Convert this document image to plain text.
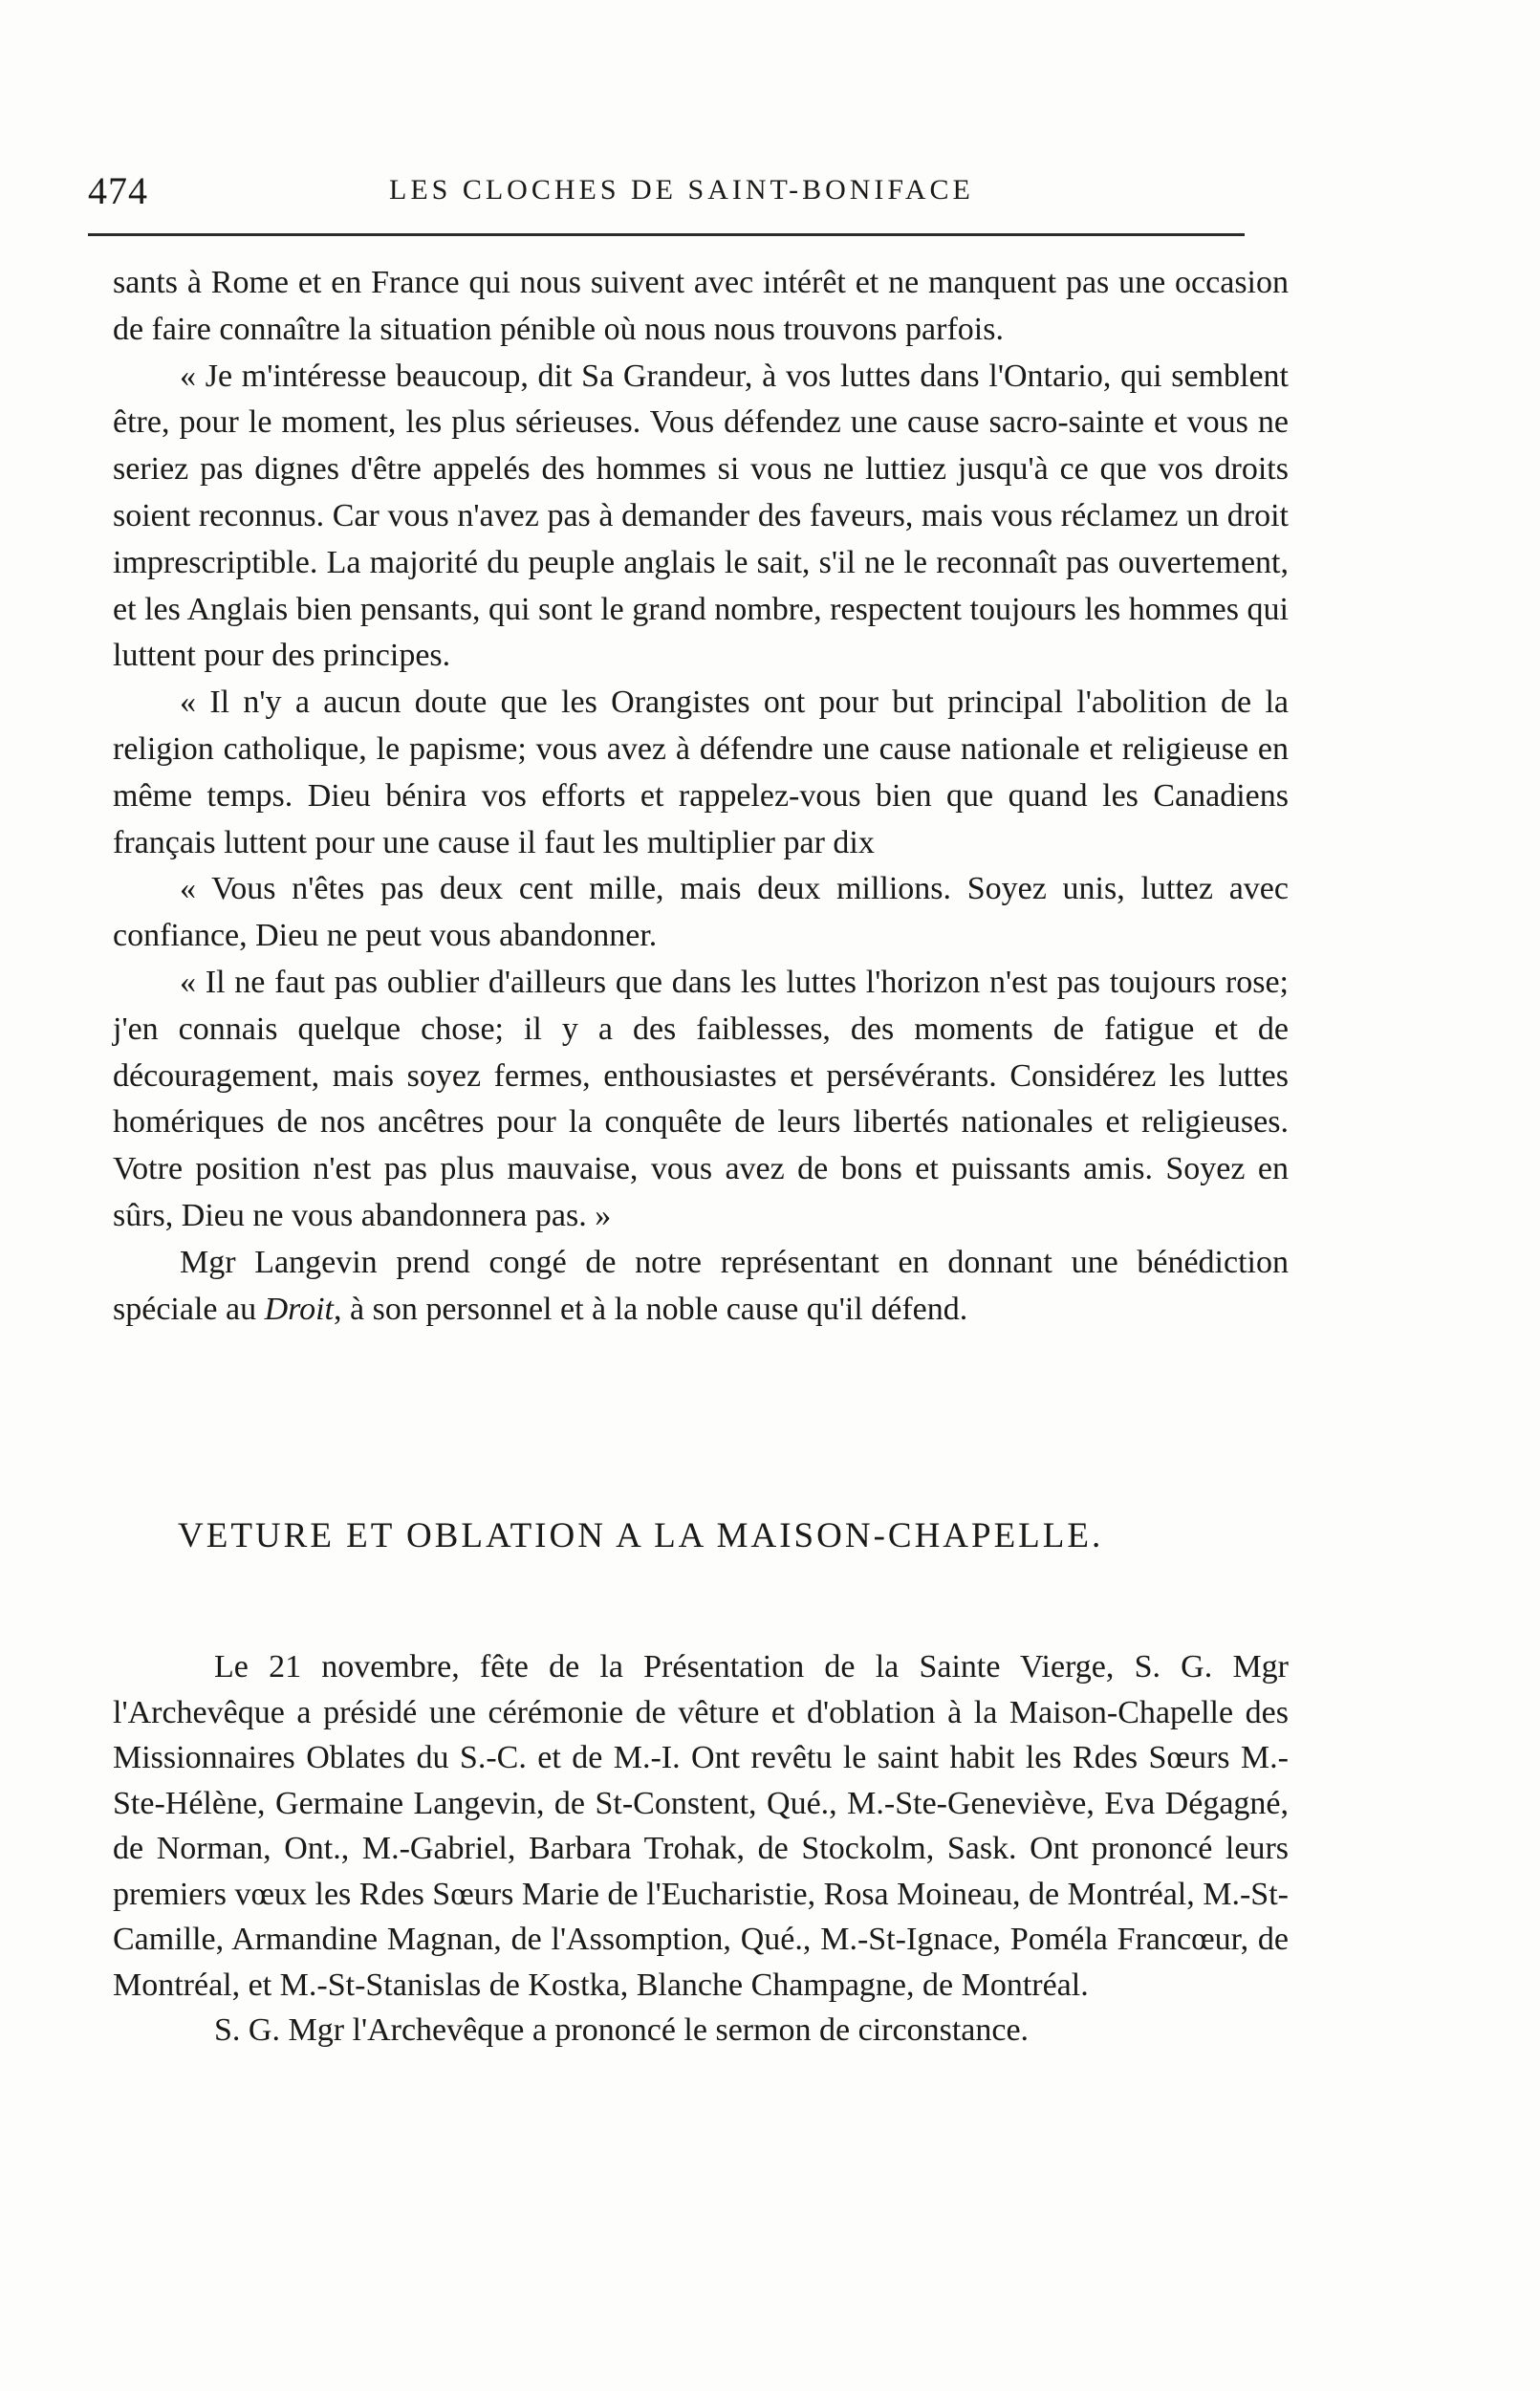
474	LES CLOCHES DE SAINT-BONIFACE

sants à Rome et en France qui nous suivent avec intérêt et ne manquent pas une occasion de faire connaître la situation pénible où nous nous trouvons parfois.

« Je m'intéresse beaucoup, dit Sa Grandeur, à vos luttes dans l'Ontario, qui semblent être, pour le moment, les plus sérieuses. Vous défendez une cause sacro-sainte et vous ne seriez pas dignes d'être appelés des hommes si vous ne luttiez jusqu'à ce que vos droits soient reconnus. Car vous n'avez pas à demander des faveurs, mais vous réclamez un droit imprescriptible. La majorité du peuple anglais le sait, s'il ne le reconnaît pas ouvertement, et les Anglais bien pensants, qui sont le grand nombre, respectent toujours les hommes qui luttent pour des principes.

« Il n'y a aucun doute que les Orangistes ont pour but principal l'abolition de la religion catholique, le papisme; vous avez à défendre une cause nationale et religieuse en même temps. Dieu bénira vos efforts et rappelez-vous bien que quand les Canadiens français luttent pour une cause il faut les multiplier par dix

« Vous n'êtes pas deux cent mille, mais deux millions. Soyez unis, luttez avec confiance, Dieu ne peut vous abandonner.

« Il ne faut pas oublier d'ailleurs que dans les luttes l'horizon n'est pas toujours rose; j'en connais quelque chose; il y a des faiblesses, des moments de fatigue et de découragement, mais soyez fermes, enthousiastes et persévérants. Considérez les luttes homériques de nos ancêtres pour la conquête de leurs libertés nationales et religieuses. Votre position n'est pas plus mauvaise, vous avez de bons et puissants amis. Soyez en sûrs, Dieu ne vous abandonnera pas. »

Mgr Langevin prend congé de notre représentant en donnant une bénédiction spéciale au Droit, à son personnel et à la noble cause qu'il défend.

VETURE ET OBLATION A LA MAISON-CHAPELLE.

Le 21 novembre, fête de la Présentation de la Sainte Vierge, S. G. Mgr l'Archevêque a présidé une cérémonie de vêture et d'oblation à la Maison-Chapelle des Missionnaires Oblates du S.-C. et de M.-I. Ont revêtu le saint habit les Rdes Sœurs M.-Ste-Hélène, Germaine Langevin, de St-Constent, Qué., M.-Ste-Geneviève, Eva Dégagné, de Norman, Ont., M.-Gabriel, Barbara Trohak, de Stockolm, Sask. Ont prononcé leurs premiers vœux les Rdes Sœurs Marie de l'Eucharistie, Rosa Moineau, de Montréal, M.-St-Camille, Armandine Magnan, de l'Assomption, Qué., M.-St-Ignace, Poméla Francœur, de Montréal, et M.-St-Stanislas de Kostka, Blanche Champagne, de Montréal.

S. G. Mgr l'Archevêque a prononcé le sermon de circonstance.
